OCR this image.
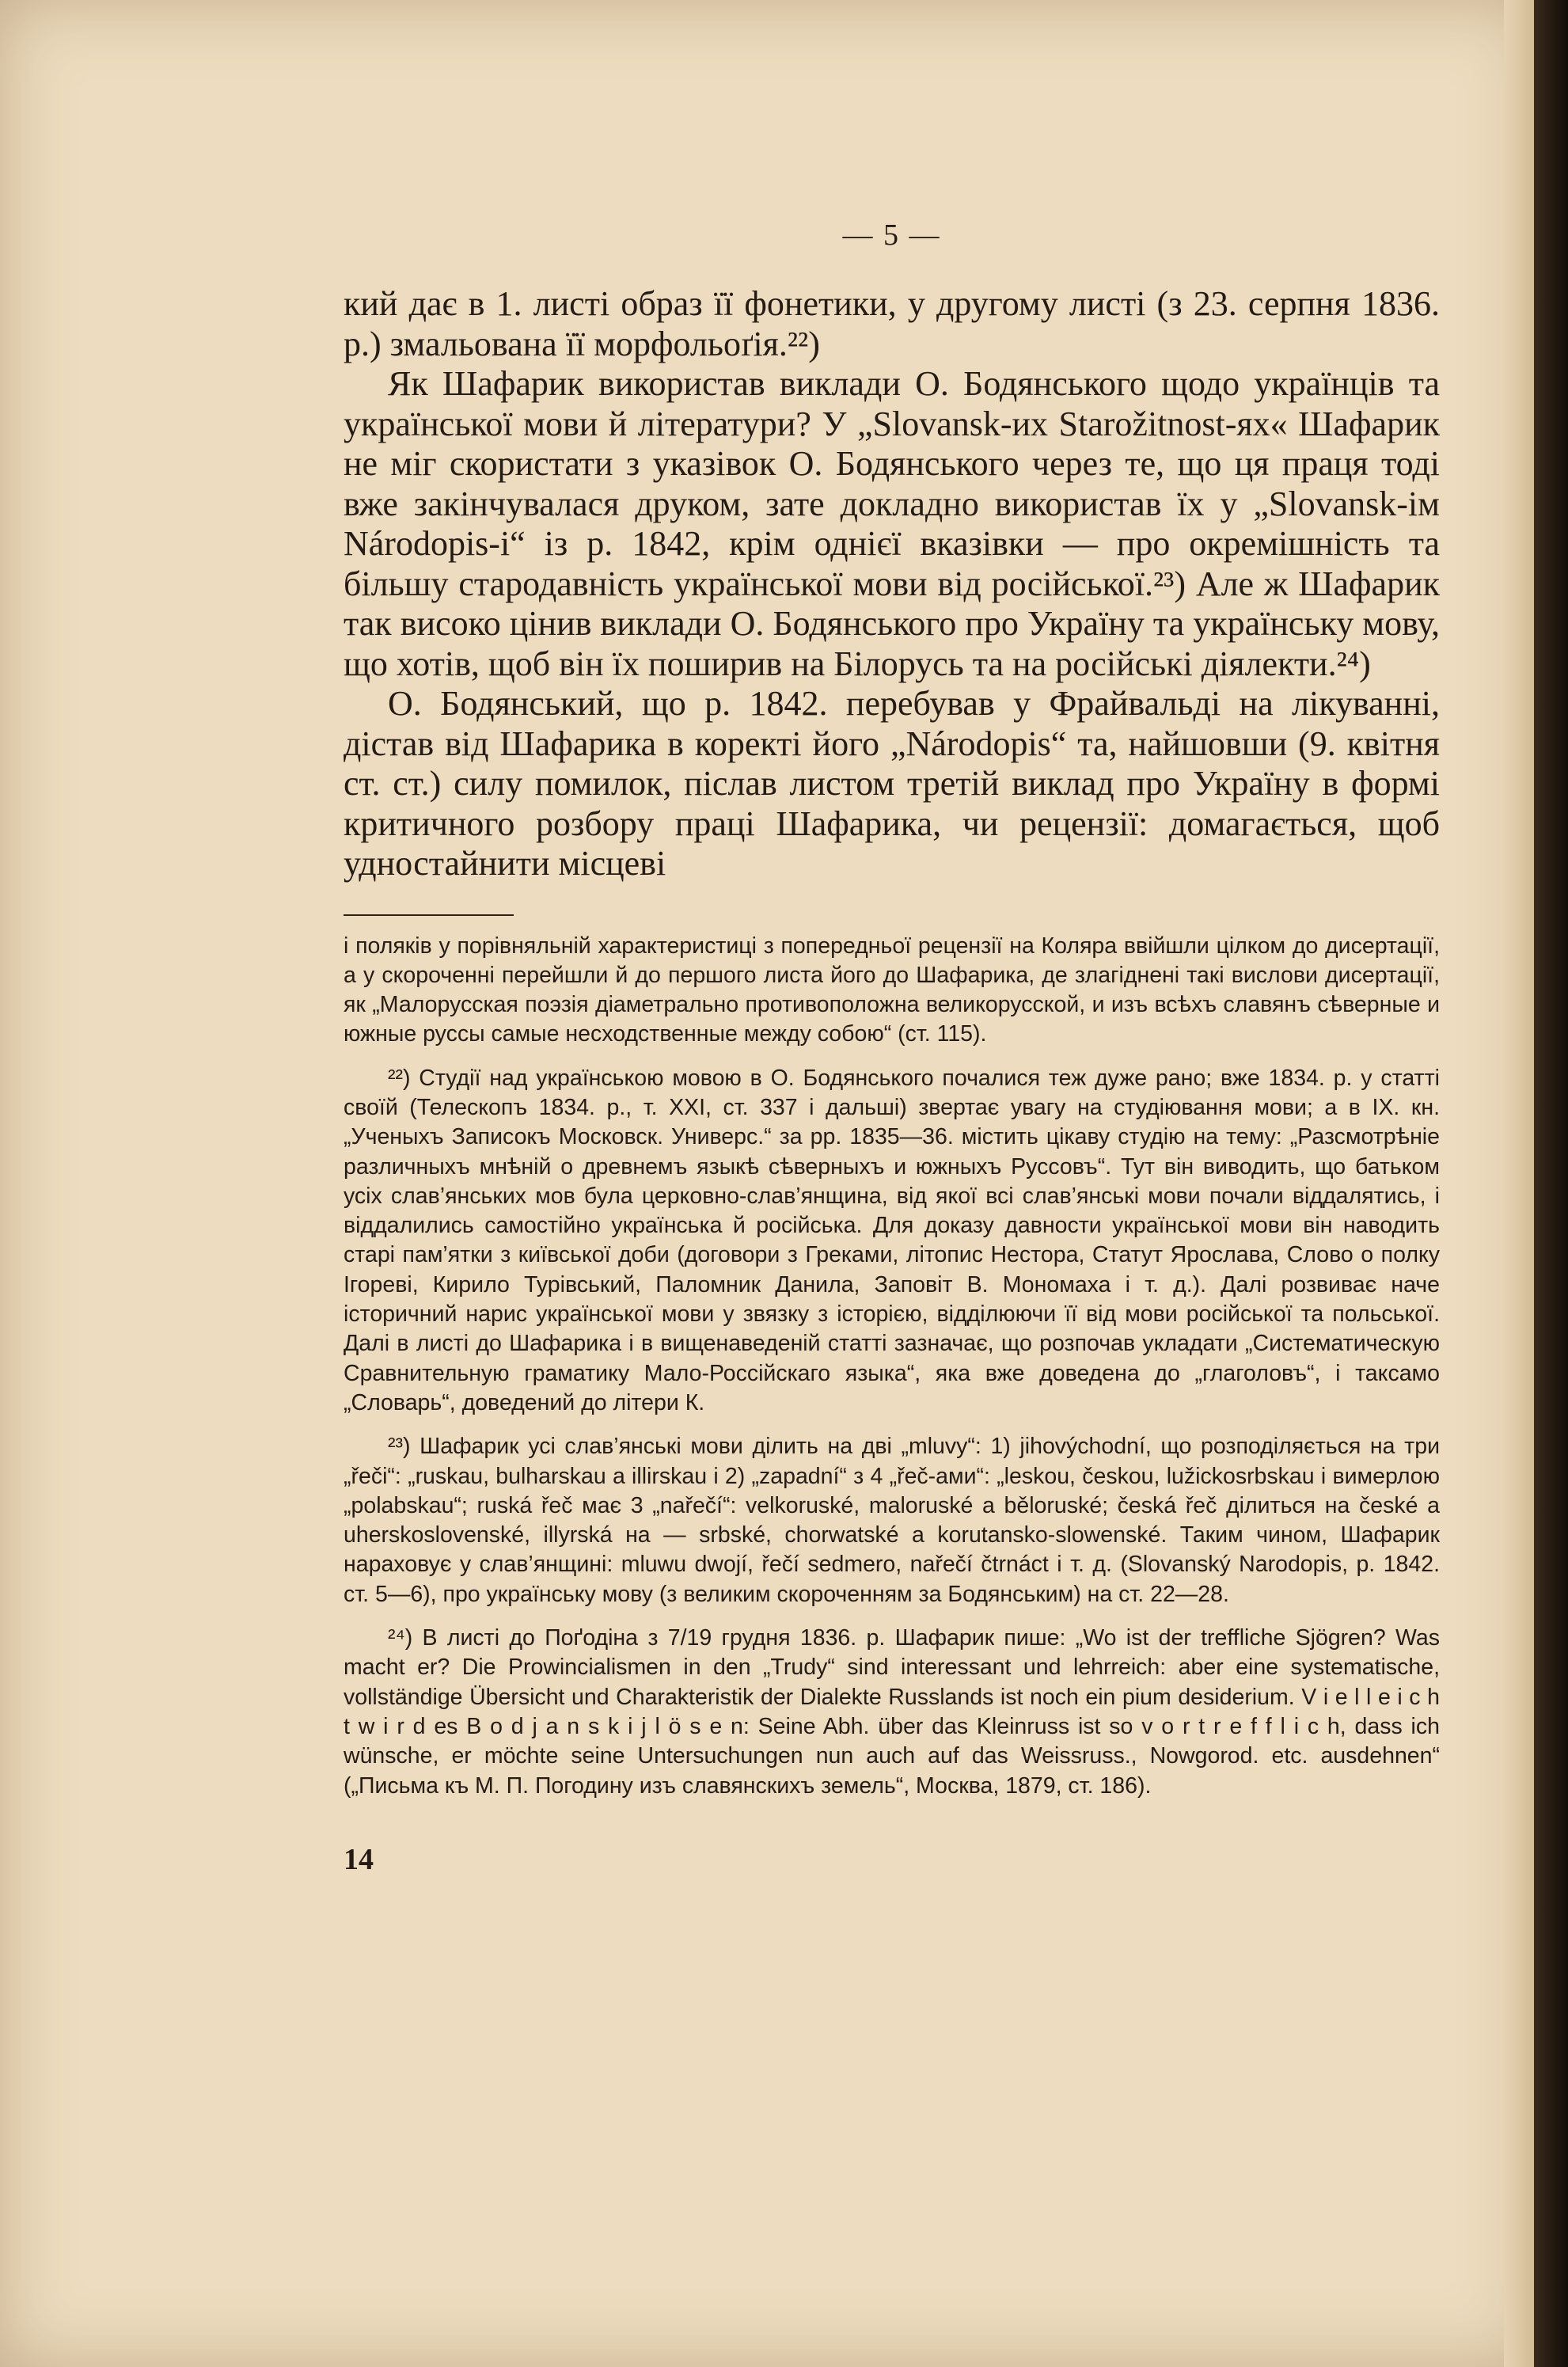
— 5 —

кий дає в 1. листі образ її фонетики, у другому листі (з 23. серпня 1836. р.) змальована її морфольоґія.²²)

Як Шафарик використав виклади О. Бодянського щодо українців та української мови й літератури? У „Slovansk-их Starožitnost-ях« Шафарик не міг скористати з указівок О. Бодянського через те, що ця праця тоді вже закінчувалася друком, зате докладно використав їх у „Slovansk-ім Národopis-і“ із р. 1842, крім однієї вказівки — про окремішність та більшу стародавність української мови від російської.²³) Але ж Шафарик так високо цінив виклади О. Бодянського про Україну та українську мову, що хотів, щоб він їх поширив на Білорусь та на російські діялекти.²⁴)

О. Бодянський, що р. 1842. перебував у Фрайвальді на лікуванні, дістав від Шафарика в коректі його „Národopis“ та, найшовши (9. квітня ст. ст.) силу помилок, післав листом третій виклад про Україну в формі критичного розбору праці Шафарика, чи рецензії: домагається, щоб удностайнити місцеві

і поляків у порівняльній характеристиці з попередньої рецензії на Коляра ввійшли цілком до дисертації, а у скороченні перейшли й до першого листа його до Шафарика, де злагіднені такі вислови дисертації, як „Малорусская поэзія діаметрально противоположна великорусской, и изъ всѣхъ славянъ сѣверные и южные руссы самые несходственные между собою“ (ст. 115).

²²) Студії над українською мовою в О. Бодянського почалися теж дуже рано; вже 1834. р. у статті своїй (Телескопъ 1834. р., т. XXI, ст. 337 і дальші) звертає увагу на студіювання мови; а в IX. кн. „Ученыхъ Записокъ Московск. Универс.“ за рр. 1835—36. містить цікаву студію на тему: „Разсмотрѣніе различныхъ мнѣній о древнемъ языкѣ сѣверныхъ и южныхъ Руссовъ“. Тут він виводить, що батьком усіх слав’янських мов була церковно-слав’янщина, від якої всі слав’янські мови почали віддалятись, і віддалились самостійно українська й російська. Для доказу давности української мови він наводить старі пам’ятки з київської доби (договори з Греками, літопис Нестора, Статут Ярослава, Слово о полку Ігореві, Кирило Турівський, Паломник Данила, Заповіт В. Мономаха і т. д.). Далі розвиває наче історичний нарис української мови у звязку з історією, відділюючи її від мови російської та польської. Далі в листі до Шафарика і в вищенаведеній статті зазначає, що розпочав укладати „Систематическую Сравнительную граматику Мало-Россійскаго языка“, яка вже доведена до „глаголовъ“, і таксамо „Словарь“, доведений до літери К.

²³) Шафарик усі слав’янські мови ділить на дві „mluvy“: 1) jihovýchodní, що розподіляється на три „řeči“: „ruskau, bulharskau a illirskau і 2) „zapadní“ з 4 „řeč-ами“: „leskou, českou, lužickosrbskau і вимерлою „polabskau“; ruská řeč має 3 „nařečí“: velkoruské, maloruské a bělоruské; česká řeč ділиться на české a uherskoslovenské, illyrská на — srbské, chorwatské a korutansko-slowenské. Таким чином, Шафарик нараховує у слав’янщині: mluwu dwojí, řečí sedmero, nařečí čtrnáct і т. д. (Slovanský Narodopis, p. 1842. ст. 5—6), про українську мову (з великим скороченням за Бодянським) на ст. 22—28.

²⁴) В листі до Поґодіна з 7/19 грудня 1836. р. Шафарик пише: „Wo ist der treffliche Sjögren? Was macht er? Die Prowincialismen in den „Trudy“ sind interessant und lehrreich: aber eine systematische, vollständige Übersicht und Charakteristik der Dialekte Russlands ist noch ein pium desiderium. V i e l l e i c h t w i r d es B o d j a n s k i j l ö s e n: Seine Abh. über das Kleinruss ist so v o r t r e f f l i c h, dass ich wünsche, er möchte seine Untersuchungen nun auch auf das Weissruss., Nowgorod. etc. ausdehnen“ („Письма къ М. П. Погодину изъ славянскихъ земель“, Москва, 1879, ст. 186).

14
